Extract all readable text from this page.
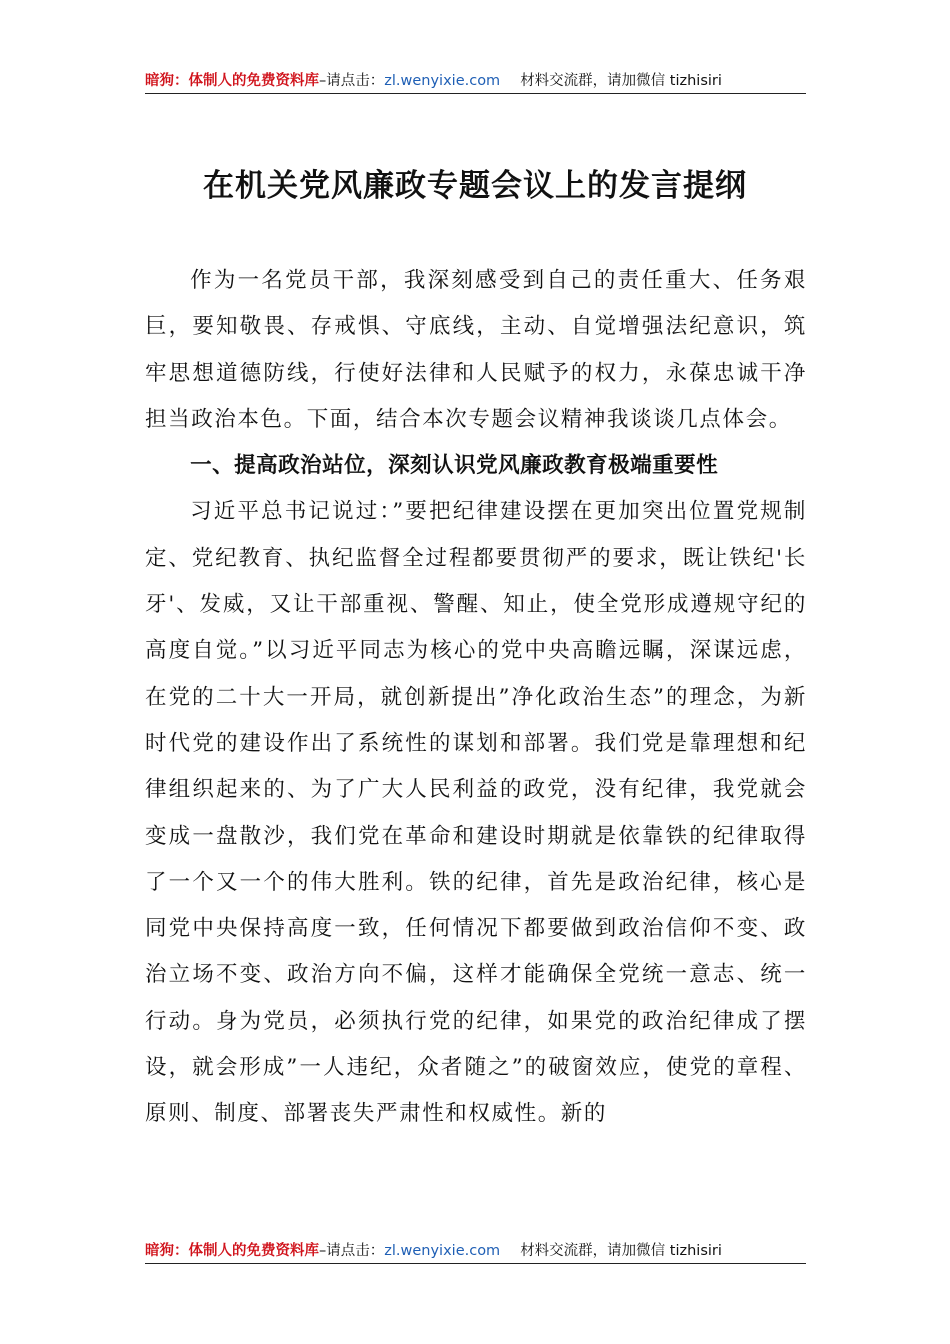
暗狗：体制人的免费资料库–请点击：zl.wenyixie.com 材料交流群，请加微信 tizhisiri
在机关党风廉政专题会议上的发言提纲

作为一名党员干部，我深刻感受到自己的责任重大、任务艰巨，要知敬畏、存戒惧、守底线，主动、自觉增强法纪意识，筑牢思想道德防线，行使好法律和人民赋予的权力，永葆忠诚干净担当政治本色。下面，结合本次专题会议精神我谈谈几点体会。

一、提高政治站位，深刻认识党风廉政教育极端重要性

习近平总书记说过：”要把纪律建设摆在更加突出位置党规制定、党纪教育、执纪监督全过程都要贯彻严的要求，既让铁纪'长牙'、发威，又让干部重视、警醒、知止，使全党形成遵规守纪的高度自觉。”以习近平同志为核心的党中央高瞻远瞩，深谋远虑，在党的二十大一开局，就创新提出”净化政治生态”的理念，为新时代党的建设作出了系统性的谋划和部署。我们党是靠理想和纪律组织起来的、为了广大人民利益的政党，没有纪律，我党就会变成一盘散沙，我们党在革命和建设时期就是依靠铁的纪律取得了一个又一个的伟大胜利。铁的纪律，首先是政治纪律，核心是同党中央保持高度一致，任何情况下都要做到政治信仰不变、政治立场不变、政治方向不偏，这样才能确保全党统一意志、统一行动。身为党员，必须执行党的纪律，如果党的政治纪律成了摆设，就会形成”一人违纪，众者随之”的破窗效应，使党的章程、原则、制度、部署丧失严肃性和权威性。新的

暗狗：体制人的免费资料库–请点击：zl.wenyixie.com 材料交流群，请加微信 tizhisiri
